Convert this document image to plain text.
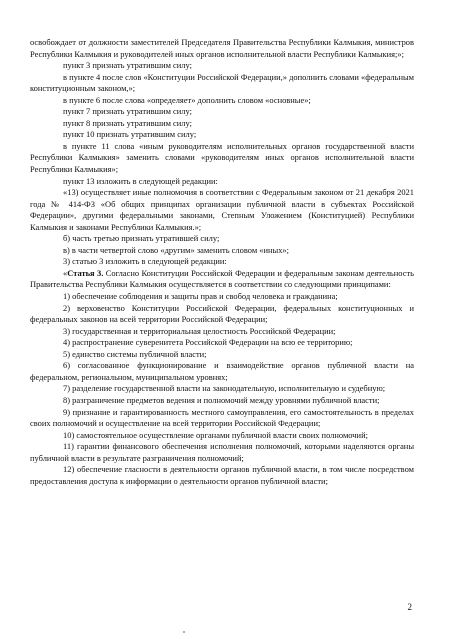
освобождает от должности заместителей Председателя Правительства Республики Калмыкия, министров Республики Калмыкия и руководителей иных органов исполнительной власти Республики Калмыкия;»;

пункт 3 признать утратившим силу;

в пункте 4 после слов «Конституции Российской Федерации,» дополнить словами «федеральным конституционным законом,»;

в пункте 6 после слова «определяет» дополнить словом «основные»;

пункт 7 признать утратившим силу;

пункт 8 признать утратившим силу;

пункт 10 признать утратившим силу;

в пункте 11 слова «иным руководителям исполнительных органов государственной власти Республики Калмыкия» заменить словами «руководителям иных органов исполнительной власти Республики Калмыкия»;

пункт 13 изложить в следующей редакции:

«13) осуществляет иные полномочия в соответствии с Федеральным законом от 21 декабря 2021 года № 414-ФЗ «Об общих принципах организации публичной власти в субъектах Российской Федерации», другими федеральными законами, Степным Уложением (Конституцией) Республики Калмыкия и законами Республики Калмыкия.»;

б) часть третью признать утратившей силу;

в) в части четвертой слово «другим» заменить словом «иных»;

3) статью 3 изложить в следующей редакции:

«Статья 3. Согласно Конституции Российской Федерации и федеральным законам деятельность Правительства Республики Калмыкия осуществляется в соответствии со следующими принципами:

1) обеспечение соблюдения и защиты прав и свобод человека и гражданина;

2) верховенство Конституции Российской Федерации, федеральных конституционных и федеральных законов на всей территории Российской Федерации;

3) государственная и территориальная целостность Российской Федерации;

4) распространение суверенитета Российской Федерации на всю ее территорию;

5) единство системы публичной власти;

6) согласованное функционирование и взаимодействие органов публичной власти на федеральном, региональном, муниципальном уровнях;

7) разделение государственной власти на законодательную, исполнительную и судебную;

8) разграничение предметов ведения и полномочий между уровнями публичной власти;

9) признание и гарантированность местного самоуправления, его самостоятельность в пределах своих полномочий и осуществление на всей территории Российской Федерации;

10) самостоятельное осуществление органами публичной власти своих полномочий;

11) гарантии финансового обеспечения исполнения полномочий, которыми наделяются органы публичной власти в результате разграничения полномочий;

12) обеспечение гласности в деятельности органов публичной власти, в том числе посредством предоставления доступа к информации о деятельности органов публичной власти;

2
